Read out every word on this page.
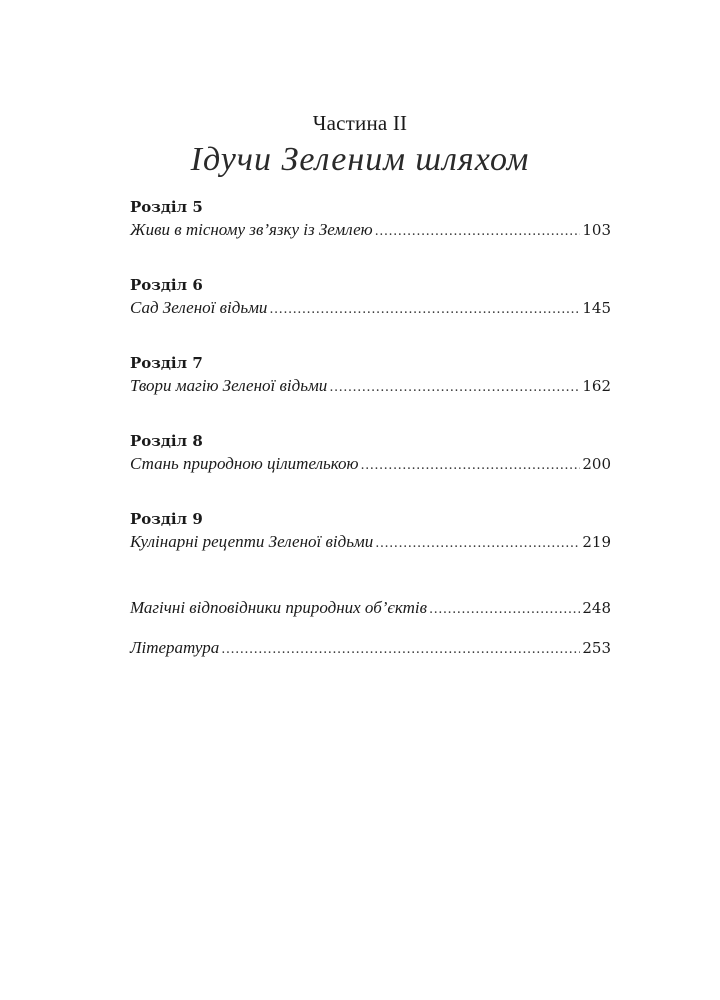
Частина II
Ідучи Зеленим шляхом
Розділ 5
Живи в тісному зв’язку із Землею .....	103
Розділ 6
Сад Зеленої відьми .....	145
Розділ 7
Твори магію Зеленої відьми .....	162
Розділ 8
Стань природною цілителькою .....	200
Розділ 9
Кулінарні рецепти Зеленої відьми .....	219
Магічні відповідники природних об’єктів .....	248
Література .....	253
